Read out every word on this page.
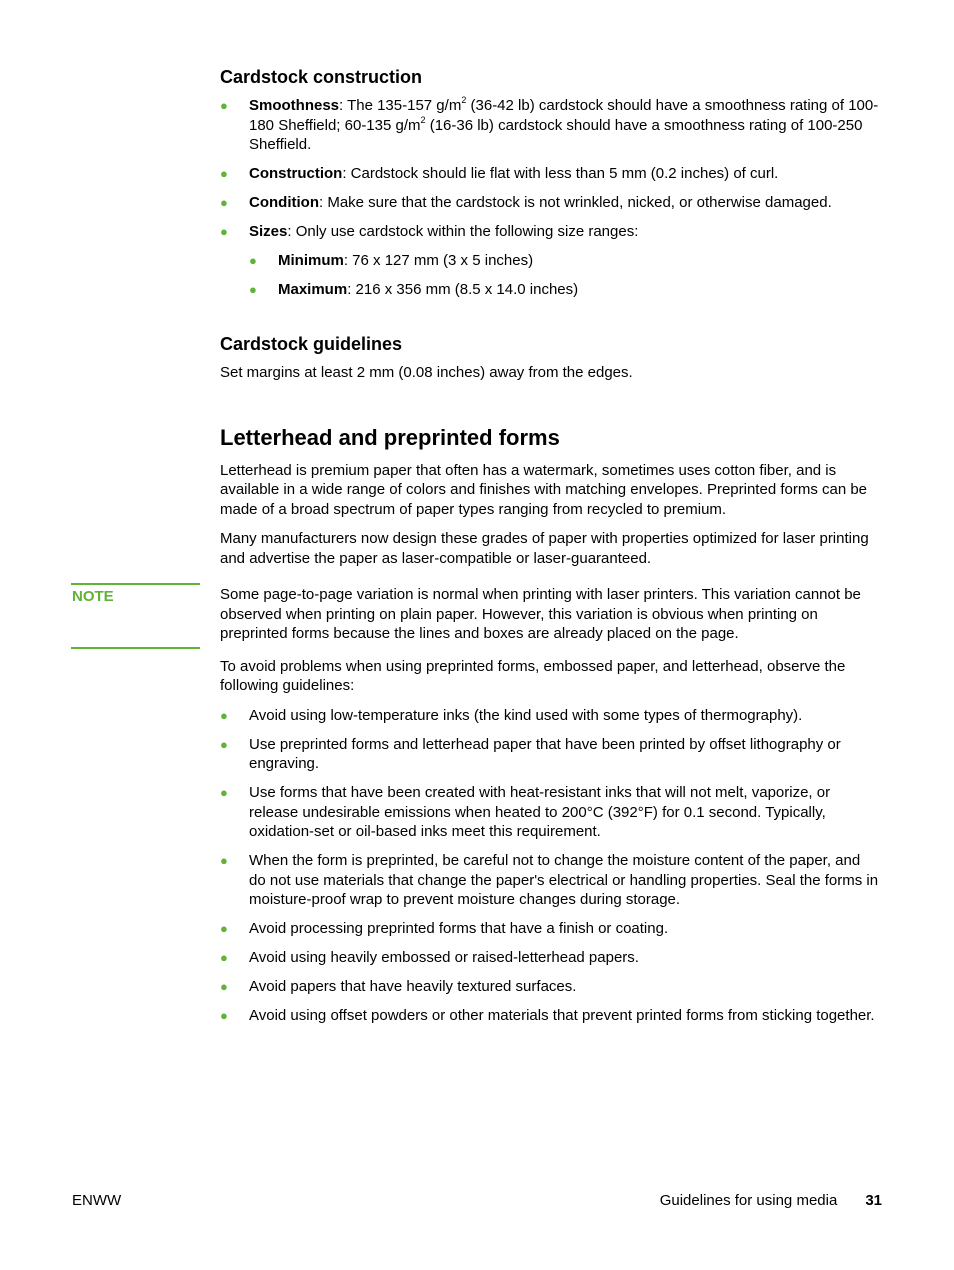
Cardstock construction
● Smoothness: The 135-157 $g/m^2$ (36-42 lb) cardstock should have a smoothness rating of 100-180 Sheffield; 60-135 $g/m^2$ (16-36 lb) cardstock should have a smoothness rating of 100-250 Sheffield.
● Construction: Cardstock should lie flat with less than 5 mm (0.2 inches) of curl.
● Condition: Make sure that the cardstock is not wrinkled, nicked, or otherwise damaged.
● Sizes: Only use cardstock within the following size ranges:
● Minimum: 76 x 127 mm (3 x 5 inches)
● Maximum: 216 x 356 mm (8.5 x 14.0 inches)
Cardstock guidelines

Set margins at least 2 mm (0.08 inches) away from the edges.

Letterhead and preprinted forms

Letterhead is premium paper that often has a watermark, sometimes uses cotton fiber, and is available in a wide range of colors and finishes with matching envelopes. Preprinted forms can be made of a broad spectrum of paper types ranging from recycled to premium.

Many manufacturers now design these grades of paper with properties optimized for laser printing and advertise the paper as laser-compatible or laser-guaranteed.

NOTE	Some page-to-page variation is normal when printing with laser printers. This variation cannot be observed when printing on plain paper. However, this variation is obvious when printing on preprinted forms because the lines and boxes are already placed on the page.

To avoid problems when using preprinted forms, embossed paper, and letterhead, observe the following guidelines:

● Avoid using low-temperature inks (the kind used with some types of thermography).
● Use preprinted forms and letterhead paper that have been printed by offset lithography or engraving.
● Use forms that have been created with heat-resistant inks that will not melt, vaporize, or release undesirable emissions when heated to 200°C (392°F) for 0.1 second. Typically, oxidation-set or oil-based inks meet this requirement.
● When the form is preprinted, be careful not to change the moisture content of the paper, and do not use materials that change the paper's electrical or handling properties. Seal the forms in moisture-proof wrap to prevent moisture changes during storage.
● Avoid processing preprinted forms that have a finish or coating.
● Avoid using heavily embossed or raised-letterhead papers.
● Avoid papers that have heavily textured surfaces.
● Avoid using offset powders or other materials that prevent printed forms from sticking together.
ENWW	Guidelines for using media 31
